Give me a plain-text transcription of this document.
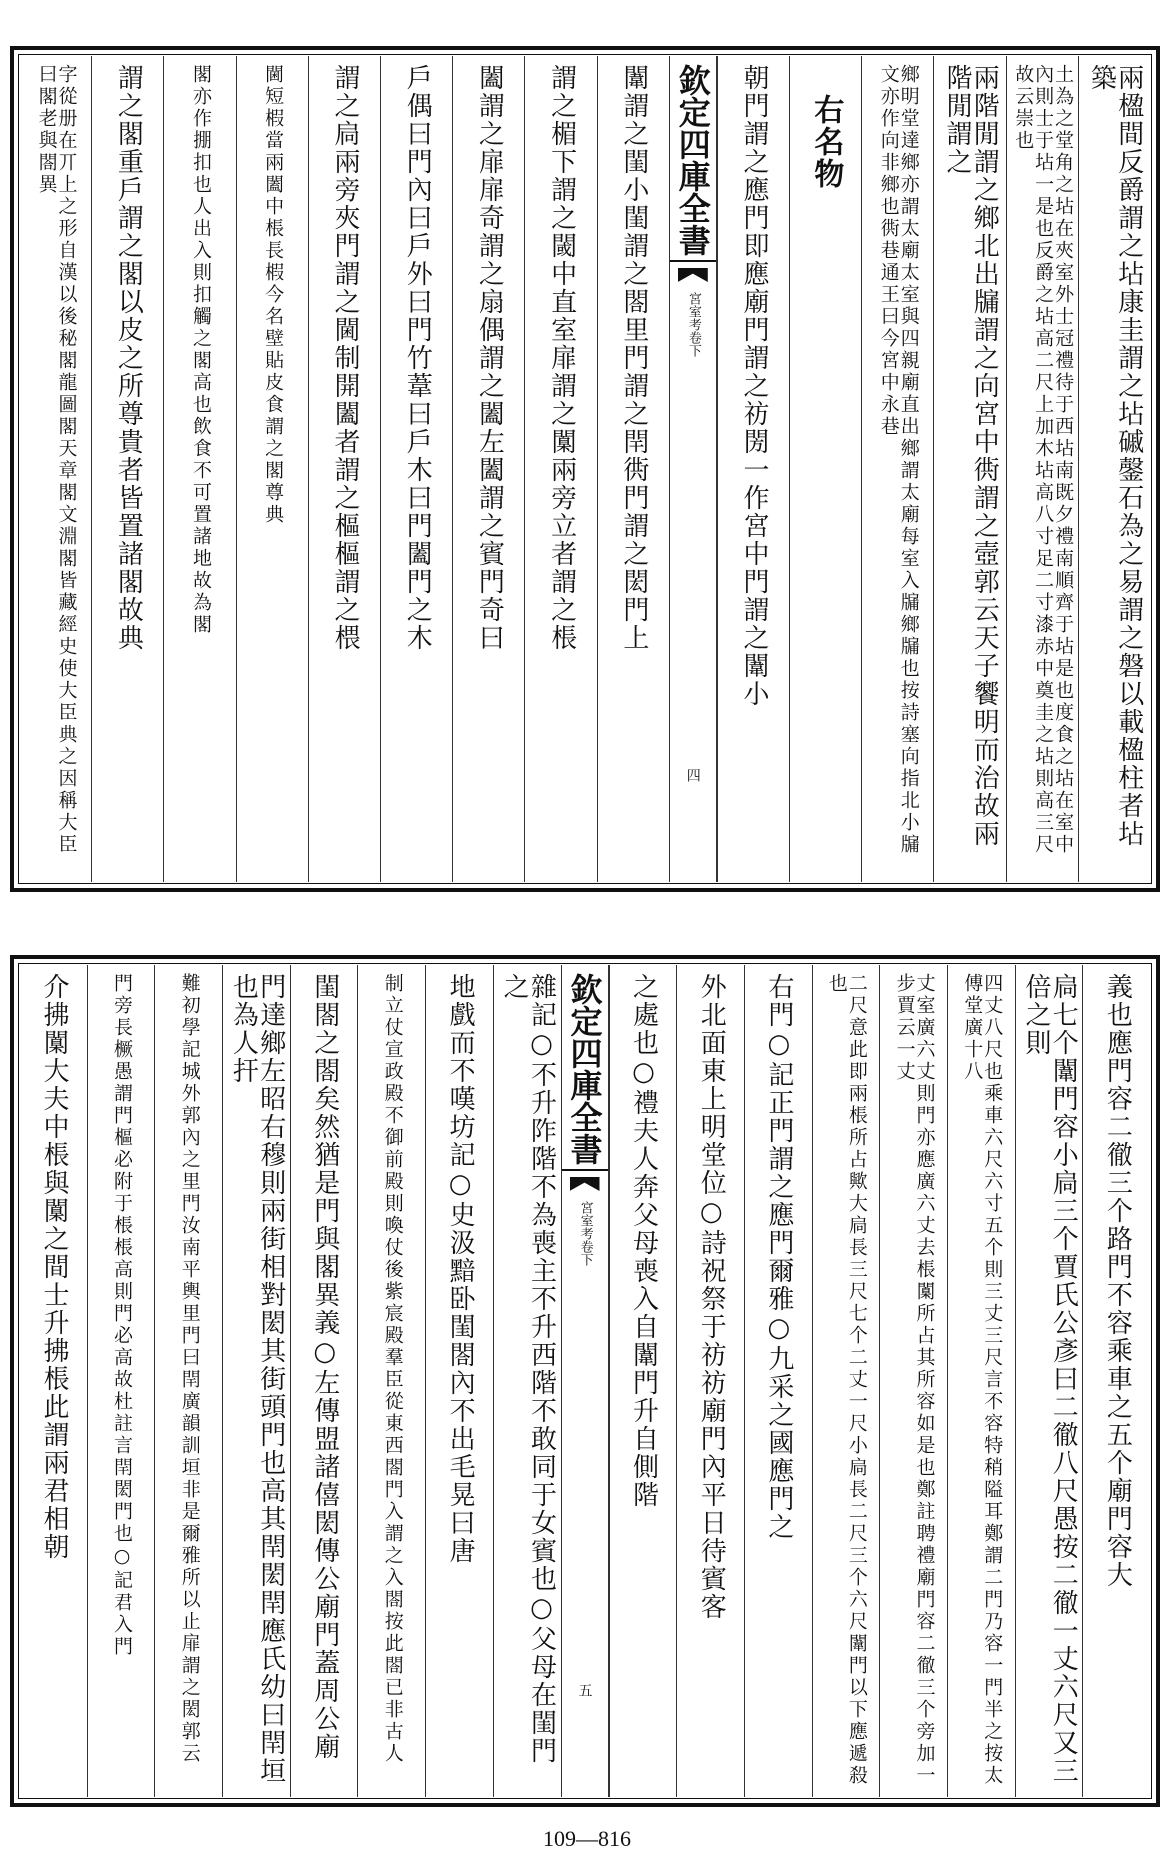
兩楹間反爵謂之坫康圭謂之坫磩鏧石為之易謂之磐以載楹柱者坫築
土為之堂角之坫在夾室外士冠禮待于西坫南既夕禮南順齊于坫是也度食之坫在室中內則士于坫一是也反爵之坫高二尺上加木坫高八寸足二寸漆赤中奠圭之坫則高三尺故云崇也
兩階閒謂之鄉北出牖謂之向宮中衖謂之壼郭云天子饗明而治故兩階閒謂之
鄉明堂達鄉亦謂太廟太室與四親廟直出鄉謂太廟每室入牖鄉牖也按詩塞向指北小牖文亦作向非鄉也衖巷通王曰今宮中永巷
右名物
朝門謂之應門即應廟門謂之祊閍一作宮中門謂之闈小
欽定四庫全書
宮室考
卷下
四
闈謂之閨小閨謂之閤里門謂之閈衖門謂之閎門上
謂之楣下謂之閾中直室扉謂之闑兩旁立者謂之棖
闔謂之扉扉奇謂之扇偶謂之闔左闔謂之賓門奇曰
戶偶曰門內曰戶外曰門竹葦曰戶木曰門闔門之木
謂之扃兩旁夾門謂之閫制開闔者謂之樞樞謂之椳
閫短椵當兩闔中棖長椵今名壁貼皮食謂之閣尊典
閣亦作掤扣也人出入則扣觸之閣高也飲食不可置諸地故為閣
謂之閣重戶謂之閣以皮之所尊貴者皆置諸閣故典
字從册在丌上之形自漢以後秘閣龍圖閣天章閣文淵閣皆藏經史使大臣典之因稱大臣曰閣老與閤異
義也應門容二徹三个路門不容乘車之五个廟門容大
扃七个闈門容小扃三个賈氏公彥曰二徹八尺愚按二徹一丈六尺又三倍之則
四丈八尺也乘車六尺六寸五个則三丈三尺言不容特稍隘耳鄭謂二門乃容一門半之按太傅堂廣十八
丈室廣六丈則門亦應廣六丈去棖闑所占其所容如是也鄭註聘禮廟門容二徹三个旁加一步賈云一丈
二尺意此即兩棖所占歟大扃長三尺七个二丈一尺小扃長二尺三个六尺闈門以下應遞殺也
右門○記正門謂之應門爾雅○九采之國應門之
外北面東上明堂位○詩祝祭于祊祊廟門內平日待賓客
之處也○禮夫人奔父母喪入自闈門升自側階
欽定四庫全書
宮室考
卷下
五
雜記○不升阼階不為喪主不升西階不敢同于女賓也○父母在閨門之
地戲而不嘆坊記○史汲黯卧閨閤內不出毛晃曰唐
制立仗宣政殿不御前殿則喚仗後紫宸殿羣臣從東西閤門入謂之入閤按此閤已非古人
閨閤之閤矣然猶是門與閣異義○左傳盟諸僖閎傳公廟門蓋周公廟
門達鄉左昭右穆則兩街相對閎其街頭門也高其閈閎閈應氏幼曰閈垣也為人扞
難初學記城外郭內之里門汝南平輿里門曰閈廣韻訓垣非是爾雅所以止扉謂之閎郭云
門旁長橛愚謂門樞必附于棖棖高則門必高故杜註言閈閎門也○記君入門
介拂闑大夫中棖與闑之間士升拂棖此謂兩君相朝
109—816
